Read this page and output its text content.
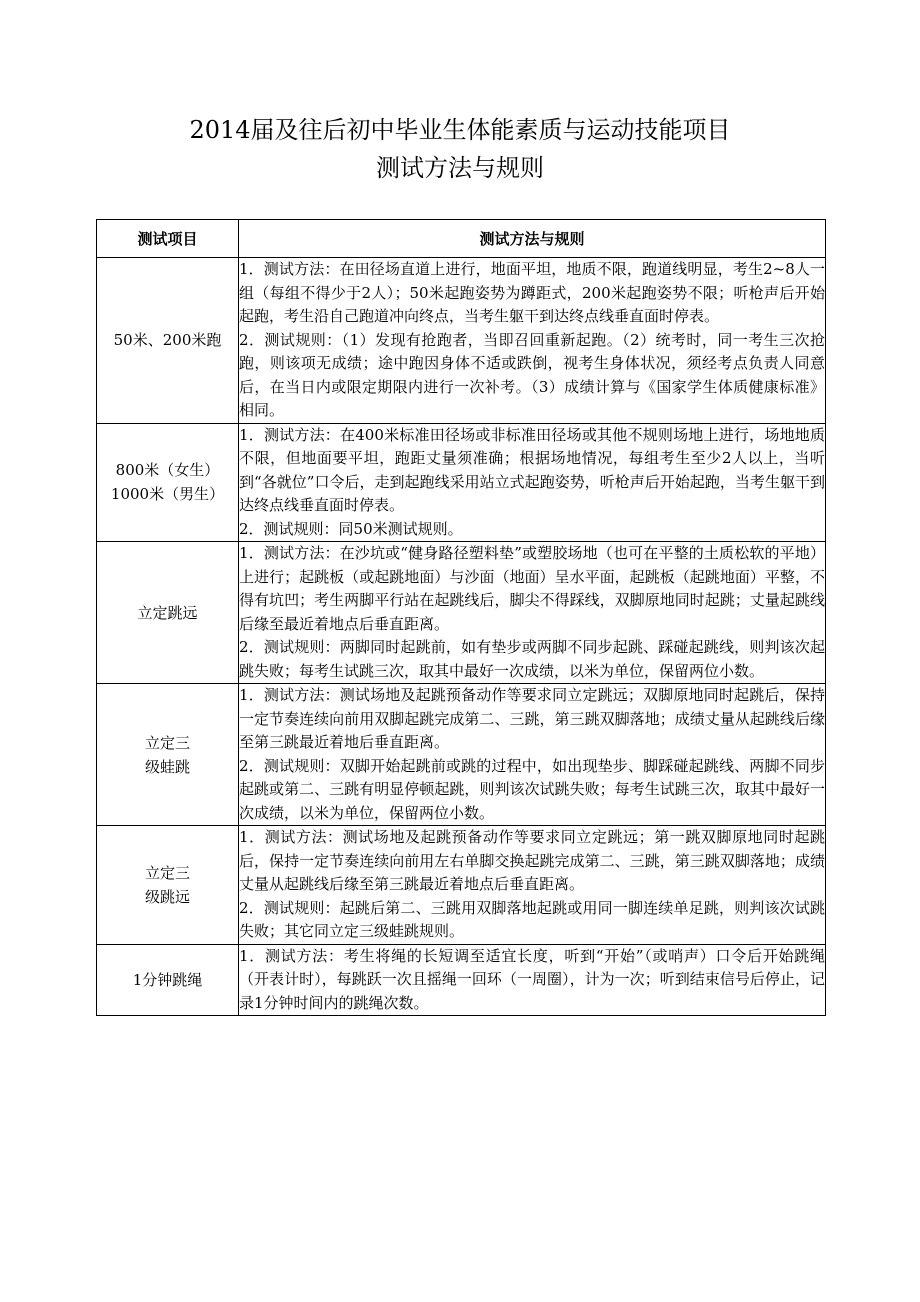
2014届及往后初中毕业生体能素质与运动技能项目
测试方法与规则
测试项目	测试方法与规则

50米、200米跑	1．测试方法：在田径场直道上进行，地面平坦，地质不限，跑道线明显，考生2~8人一组（每组不得少于2人）；50米起跑姿势为蹲距式，200米起跑姿势不限；听枪声后开始起跑，考生沿自己跑道冲向终点，当考生躯干到达终点线垂直面时停表。
2．测试规则：（1）发现有抢跑者，当即召回重新起跑。（2）统考时，同一考生三次抢跑，则该项无成绩；途中跑因身体不适或跌倒，视考生身体状况，须经考点负责人同意后，在当日内或限定期限内进行一次补考。（3）成绩计算与《国家学生体质健康标准》相同。

800米（女生）
1000米（男生）	1．测试方法：在400米标准田径场或非标准田径场或其他不规则场地上进行，场地地质不限，但地面要平坦，跑距丈量须准确；根据场地情况，每组考生至少2人以上，当听到“各就位”口令后，走到起跑线采用站立式起跑姿势，听枪声后开始起跑，当考生躯干到达终点线垂直面时停表。
2．测试规则：同50米测试规则。

立定跳远	1．测试方法：在沙坑或“健身路径塑料垫”或塑胶场地（也可在平整的土质松软的平地）上进行；起跳板（或起跳地面）与沙面（地面）呈水平面，起跳板（起跳地面）平整，不得有坑凹；考生两脚平行站在起跳线后，脚尖不得踩线，双脚原地同时起跳；丈量起跳线后缘至最近着地点后垂直距离。
2．测试规则：两脚同时起跳前，如有垫步或两脚不同步起跳、踩碰起跳线，则判该次起跳失败；每考生试跳三次，取其中最好一次成绩，以米为单位，保留两位小数。

立定三
级蛙跳	1．测试方法：测试场地及起跳预备动作等要求同立定跳远；双脚原地同时起跳后，保持一定节奏连续向前用双脚起跳完成第二、三跳，第三跳双脚落地；成绩丈量从起跳线后缘至第三跳最近着地后垂直距离。
2．测试规则：双脚开始起跳前或跳的过程中，如出现垫步、脚踩碰起跳线、两脚不同步起跳或第二、三跳有明显停顿起跳，则判该次试跳失败；每考生试跳三次，取其中最好一次成绩，以米为单位，保留两位小数。

立定三
级跳远	1．测试方法：测试场地及起跳预备动作等要求同立定跳远；第一跳双脚原地同时起跳后，保持一定节奏连续向前用左右单脚交换起跳完成第二、三跳，第三跳双脚落地；成绩丈量从起跳线后缘至第三跳最近着地点后垂直距离。
2．测试规则：起跳后第二、三跳用双脚落地起跳或用同一脚连续单足跳，则判该次试跳失败；其它同立定三级蛙跳规则。

1分钟跳绳	1．测试方法：考生将绳的长短调至适宜长度，听到“开始”（或哨声）口令后开始跳绳（开表计时），每跳跃一次且摇绳一回环（一周圈），计为一次；听到结束信号后停止，记录1分钟时间内的跳绳次数。
